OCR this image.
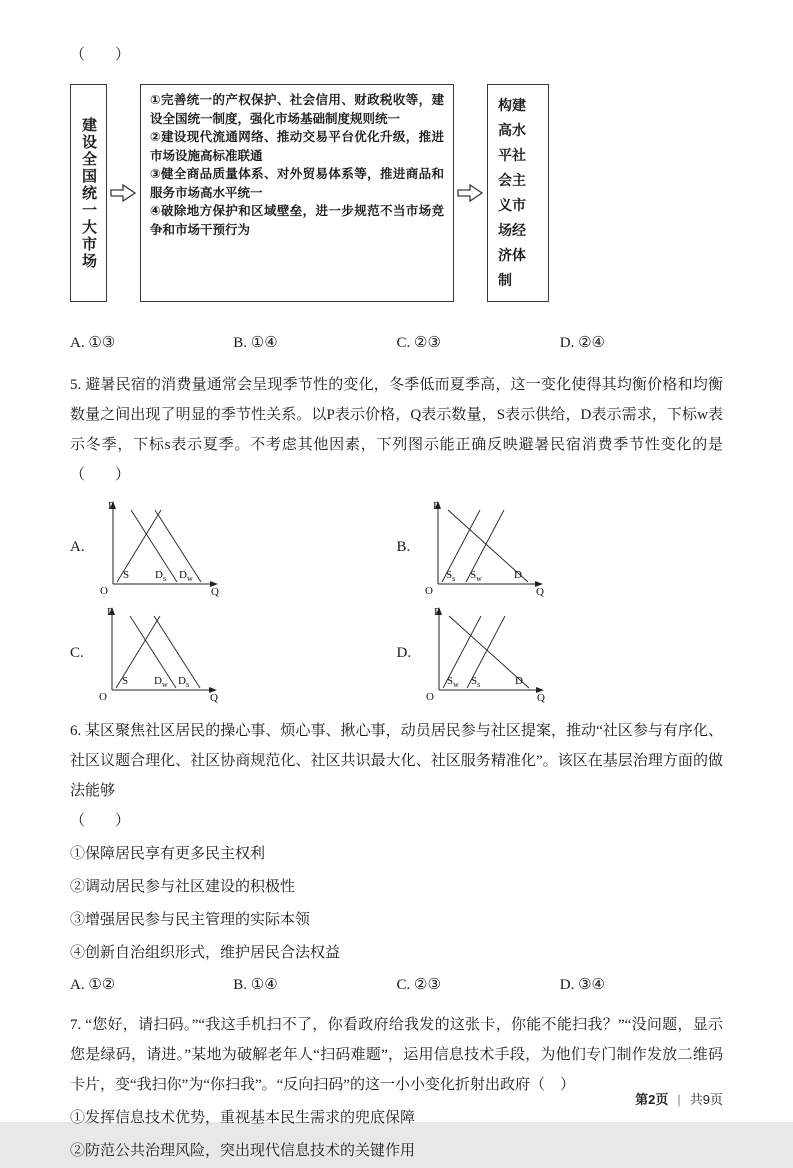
（　　）
建设全国统一大市场
①完善统一的产权保护、社会信用、财政税收等，建设全国统一制度，强化市场基础制度规则统一
②建设现代流通网络、推动交易平台优化升级，推进市场设施高标准联通
③健全商品质量体系、对外贸易体系等，推进商品和服务市场高水平统一
④破除地方保护和区域壁垒，进一步规范不当市场竞争和市场干预行为
构建高水平社会主义市场经济体制
A. ①③	B. ①④	C. ②③	D. ②④

5. 避暑民宿的消费量通常会呈现季节性的变化，冬季低而夏季高，这一变化使得其均衡价格和均衡数量之间出现了明显的季节性关系。以P表示价格，Q表示数量，S表示供给，D表示需求，下标w表示冬季，下标s表示夏季。不考虑其他因素，下列图示能正确反映避暑民宿消费季节性变化的是（　　）

A.
P
O	Q
S $D_s$ $D_w$
B.
P
O	Q
$S_s$ $S_w$	D
C.
P
O	Q
S $D_w$ $D_s$
D.
P
O	Q
$S_w$ $S_s$	D

6. 某区聚焦社区居民的操心事、烦心事、揪心事，动员居民参与社区提案，推动“社区参与有序化、社区议题合理化、社区协商规范化、社区共识最大化、社区服务精准化”。该区在基层治理方面的做法能够

（　　）
①保障居民享有更多民主权利
②调动居民参与社区建设的积极性
③增强居民参与民主管理的实际本领
④创新自治组织形式，维护居民合法权益
A. ①②	B. ①④	C. ②③	D. ③④

7. “您好，请扫码。”“我这手机扫不了，你看政府给我发的这张卡，你能不能扫我？”“没问题，显示您是绿码，请进。”某地为破解老年人“扫码难题”，运用信息技术手段，为他们专门制作发放二维码卡片，变“我扫你”为“你扫我”。“反向扫码”的这一小小变化折射出政府（　）

①发挥信息技术优势，重视基本民生需求的兜底保障
②防范公共治理风险，突出现代信息技术的关键作用
第2页 | 共9页
